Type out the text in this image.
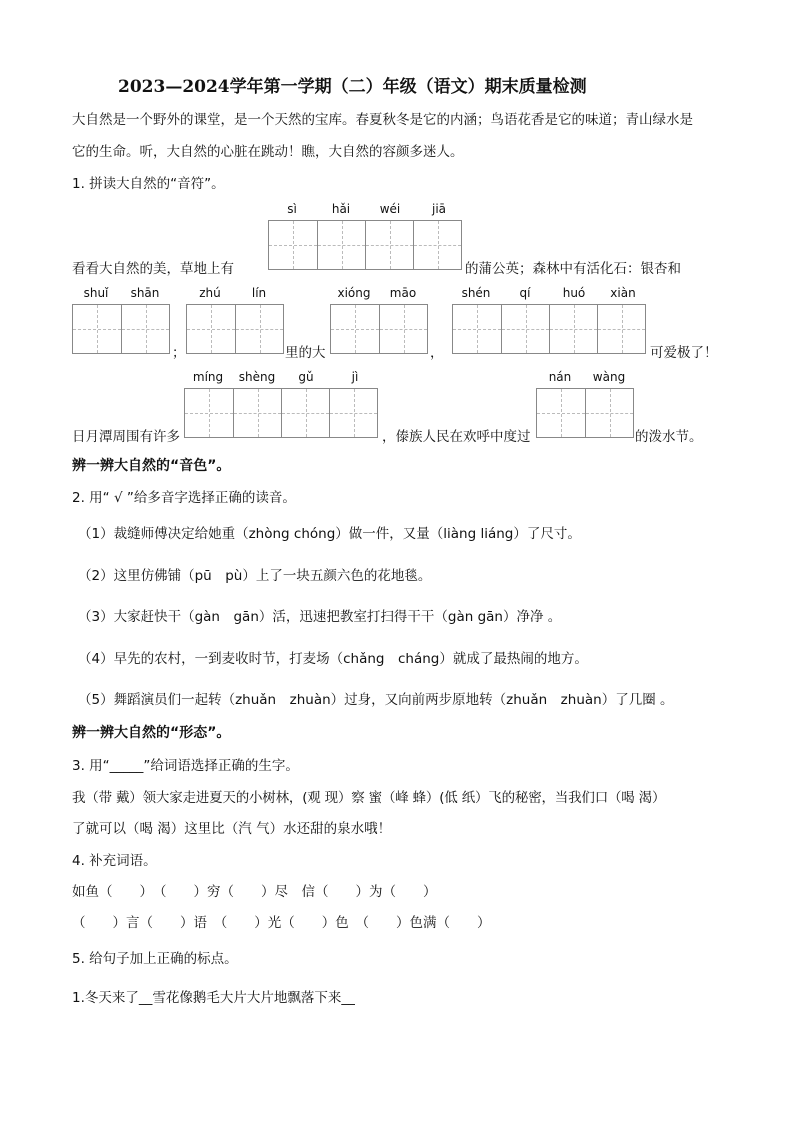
2023—2024学年第一学期（二）年级（语文）期末质量检测
大自然是一个野外的课堂，是一个天然的宝库。春夏秋冬是它的内涵；鸟语花香是它的味道；青山绿水是
它的生命。听，大自然的心脏在跳动！瞧，大自然的容颜多迷人。
1. 拼读大自然的“音符”。
sì	hǎi	wéi	jiā
看看大自然的美，草地上有	的蒲公英；森林中有活化石：银杏和
shuǐ	shān
；
zhú	lín
里的大
xióng	māo
，
shén	qí	huó	xiàn
可爱极了！
míng	shèng	gǔ	jì
日月潭周围有许多	，傣族人民在欢呼中度过
nán	wàng
的泼水节。
辨一辨大自然的“音色”。
2. 用“ √ ”给多音字选择正确的读音。
（1）裁缝师傅决定给她重（zhòng chóng）做一件，又量（liàng liáng）了尺寸。
（2）这里仿佛铺（pū　pù）上了一块五颜六色的花地毯。
（3）大家赶快干（gàn　gān）活，迅速把教室打扫得干干（gàn gān）净净 。
（4）早先的农村，一到麦收时节，打麦场（chǎng　cháng）就成了最热闹的地方。
（5）舞蹈演员们一起转（zhuǎn　zhuàn）过身，又向前两步原地转（zhuǎn　zhuàn）了几圈 。
辨一辨大自然的“形态”。
3. 用“_____”给词语选择正确的生字。
我（带 戴）领大家走进夏天的小树林，(观 现）察 蜜（峰 蜂）(低 纸）飞的秘密，当我们口（喝 渴）
了就可以（喝 渴）这里比（汽 气）水还甜的泉水哦！
4. 补充词语。
如鱼（　　）　（　　）穷（　　）尽　信（　　）为（　　）
（　　）言（　　）语　（　　）光（　　）色　（　　）色满（　　）
5. 给句子加上正确的标点。
1.冬天来了__雪花像鹅毛大片大片地飘落下来__
